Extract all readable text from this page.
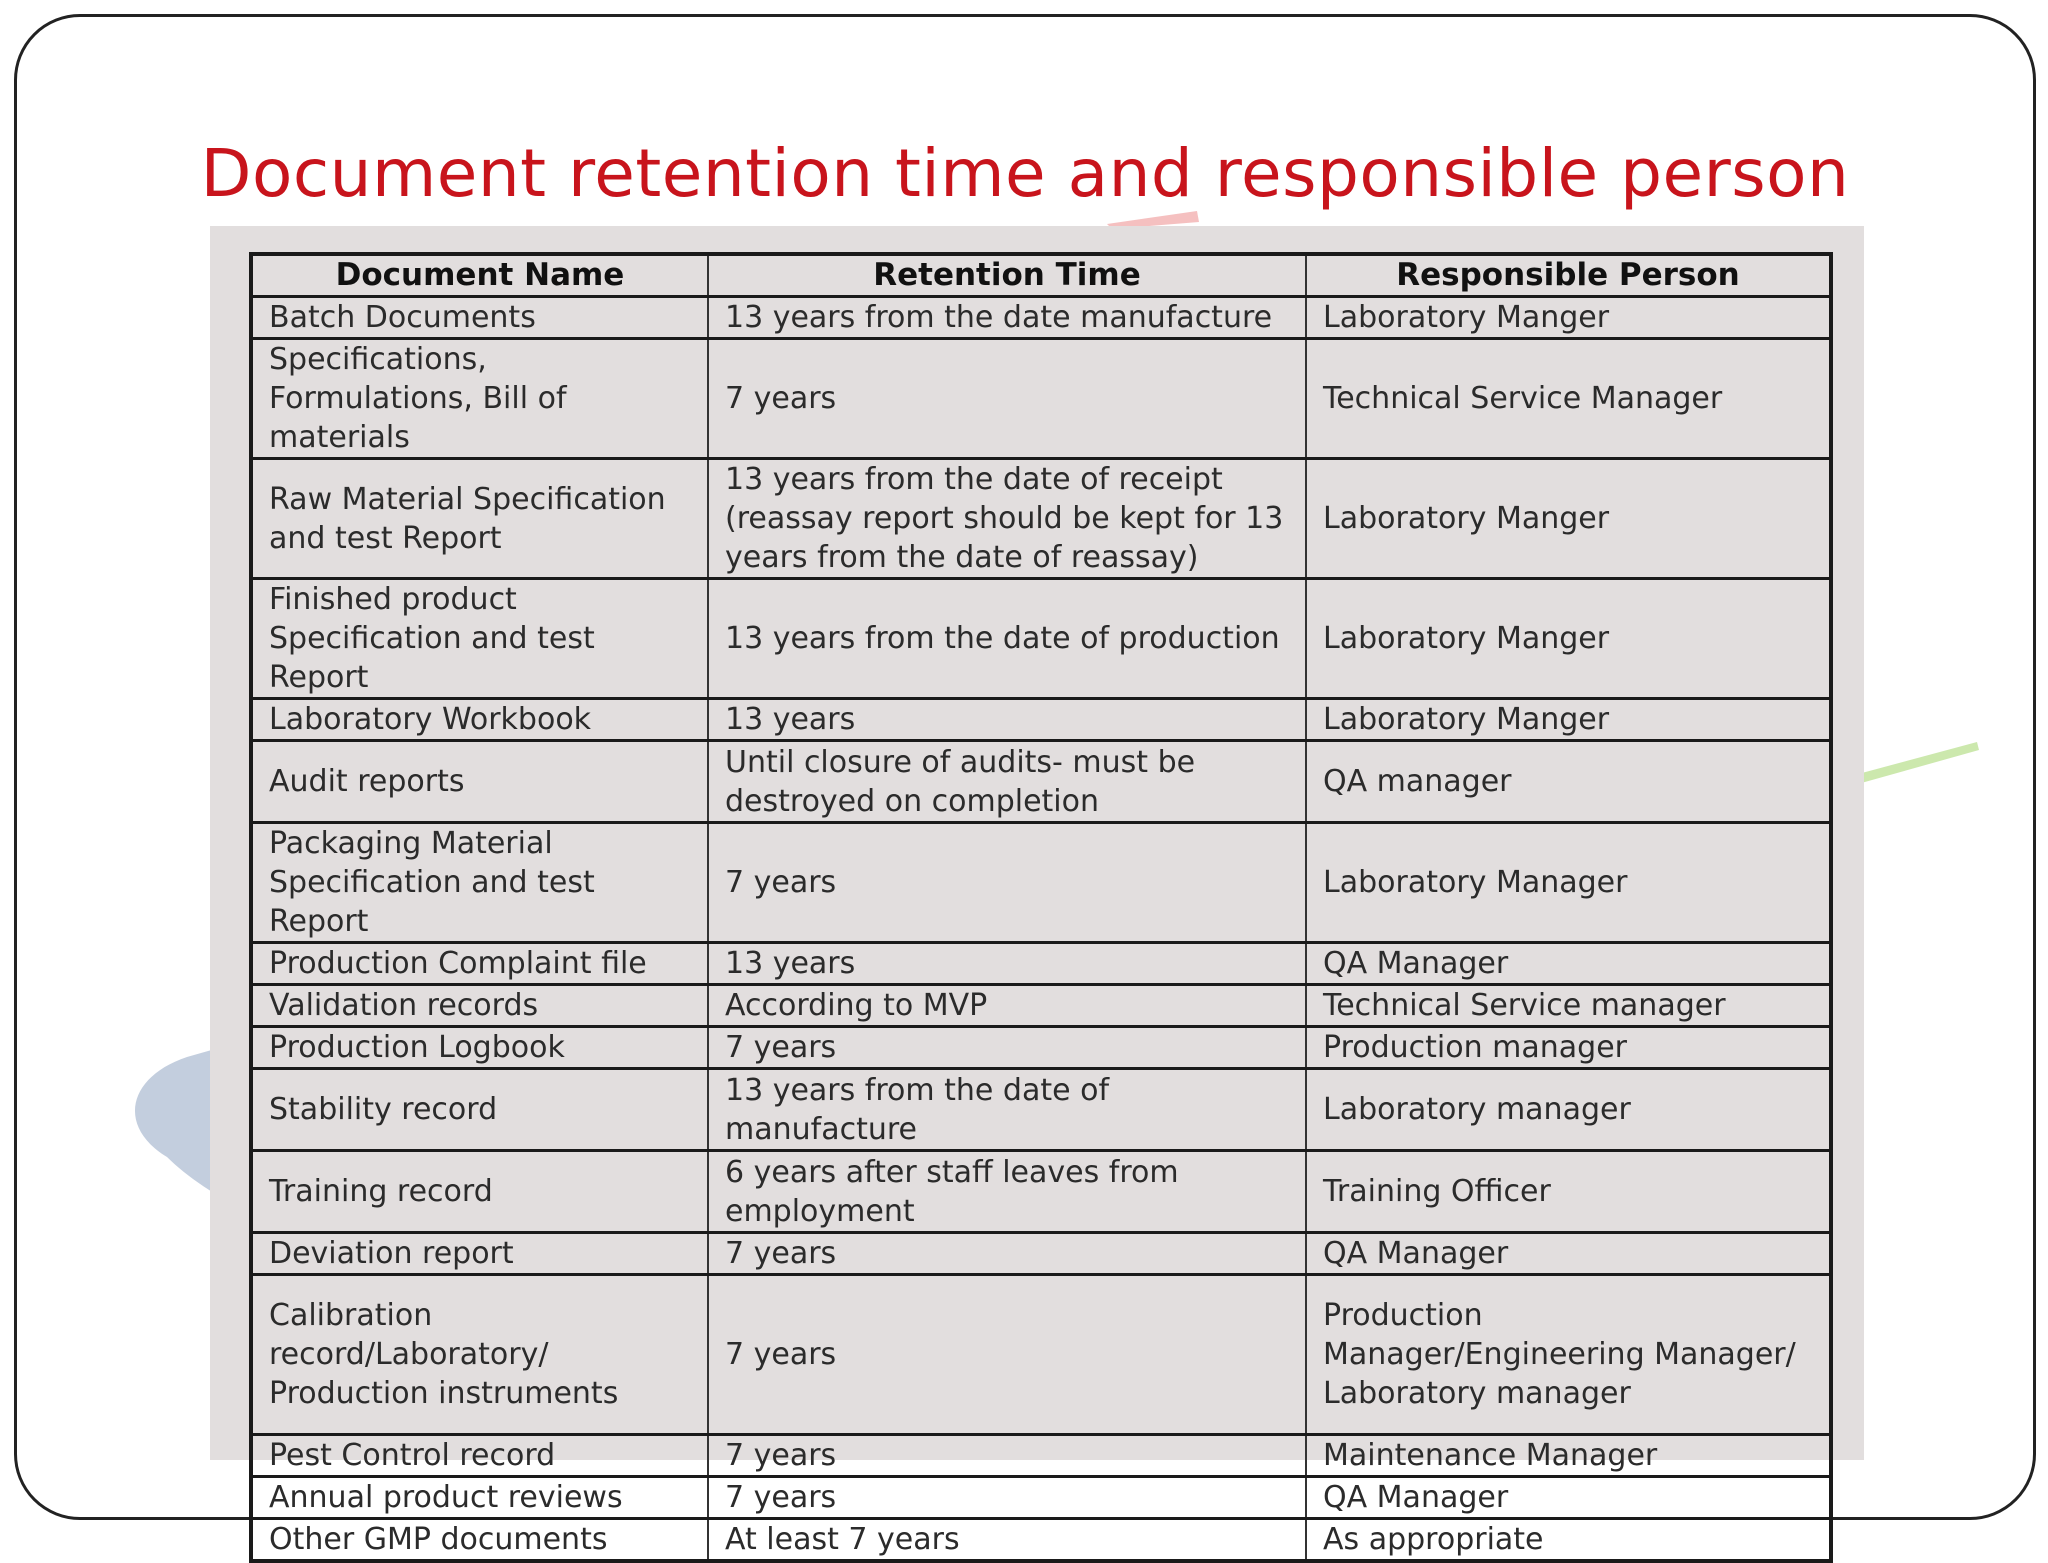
Document retention time and responsible person
Document Name	Retention Time	Responsible Person
Batch Documents	13 years from the date manufacture	Laboratory Manger
Specifications, Formulations, Bill of materials	7 years	Technical Service Manager
Raw Material Specification and test Report	13 years from the date of receipt (reassay report should be kept for 13 years from the date of reassay)	Laboratory Manger
Finished product Specification and test Report	13 years from the date of production	Laboratory Manger
Laboratory Workbook	13 years	Laboratory Manger
Audit reports	Until closure of audits- must be destroyed on completion	QA manager
Packaging Material Specification and test Report	7 years	Laboratory Manager
Production Complaint file	13 years	QA Manager
Validation records	According to MVP	Technical Service manager
Production Logbook	7 years	Production manager
Stability record	13 years from the date of manufacture	Laboratory manager
Training record	6 years after staff leaves from employment	Training Officer
Deviation report	7 years	QA Manager
Calibration record/Laboratory/ Production instruments	7 years	Production Manager/Engineering Manager/ Laboratory manager
Pest Control record	7 years	Maintenance Manager
Annual product reviews	7 years	QA Manager
Other GMP documents	At least 7 years	As appropriate
